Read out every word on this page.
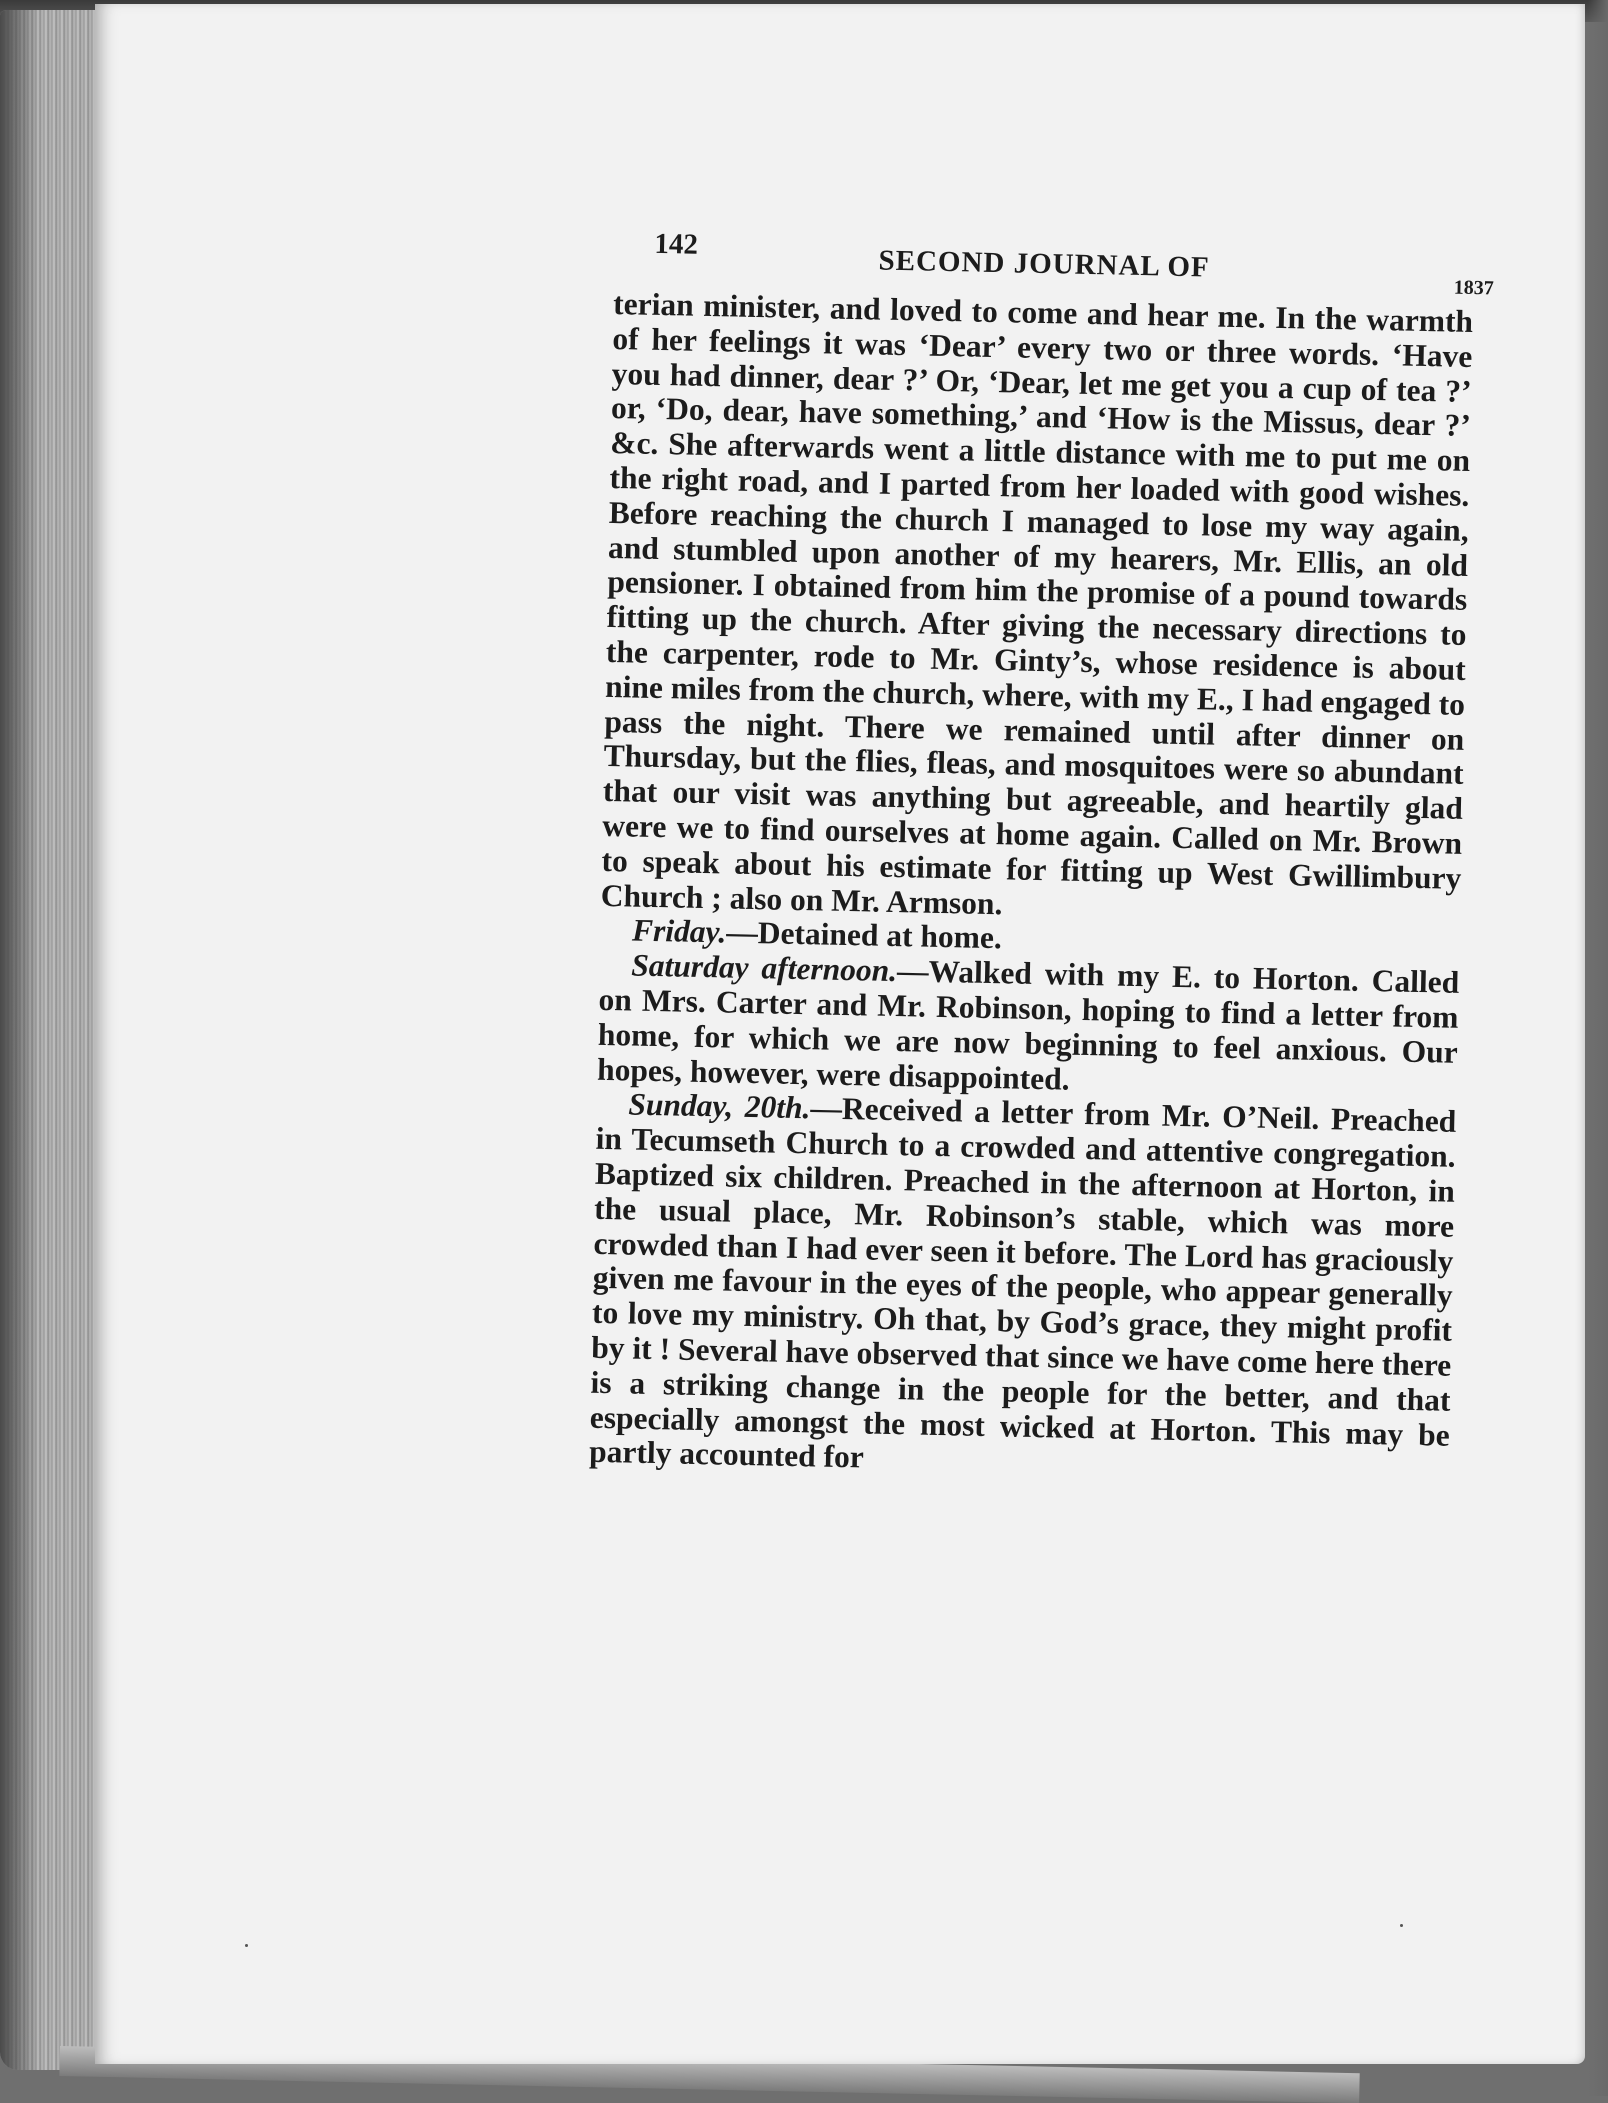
142
SECOND JOURNAL OF
1837

terian minister, and loved to come and hear me. In the warmth of her feelings it was ‘Dear’ every two or three words. ‘Have you had dinner, dear ?’ Or, ‘Dear, let me get you a cup of tea ?’ or, ‘Do, dear, have something,’ and ‘How is the Missus, dear ?’ &c. She afterwards went a little distance with me to put me on the right road, and I parted from her loaded with good wishes. Before reaching the church I managed to lose my way again, and stumbled upon another of my hearers, Mr. Ellis, an old pensioner. I obtained from him the promise of a pound towards fitting up the church. After giving the necessary directions to the carpenter, rode to Mr. Ginty’s, whose residence is about nine miles from the church, where, with my E., I had engaged to pass the night. There we remained until after dinner on Thursday, but the flies, fleas, and mosquitoes were so abundant that our visit was anything but agreeable, and heartily glad were we to find ourselves at home again. Called on Mr. Brown to speak about his estimate for fitting up West Gwillimbury Church ; also on Mr. Armson.

Friday.—Detained at home.

Saturday afternoon.—Walked with my E. to Horton. Called on Mrs. Carter and Mr. Robinson, hoping to find a letter from home, for which we are now beginning to feel anxious. Our hopes, however, were disappointed.

Sunday, 20th.—Received a letter from Mr. O’Neil. Preached in Tecumseth Church to a crowded and attentive congregation. Baptized six children. Preached in the afternoon at Horton, in the usual place, Mr. Robinson’s stable, which was more crowded than I had ever seen it before. The Lord has graciously given me favour in the eyes of the people, who appear generally to love my ministry. Oh that, by God’s grace, they might profit by it ! Several have observed that since we have come here there is a striking change in the people for the better, and that especially amongst the most wicked at Horton. This may be partly accounted for
